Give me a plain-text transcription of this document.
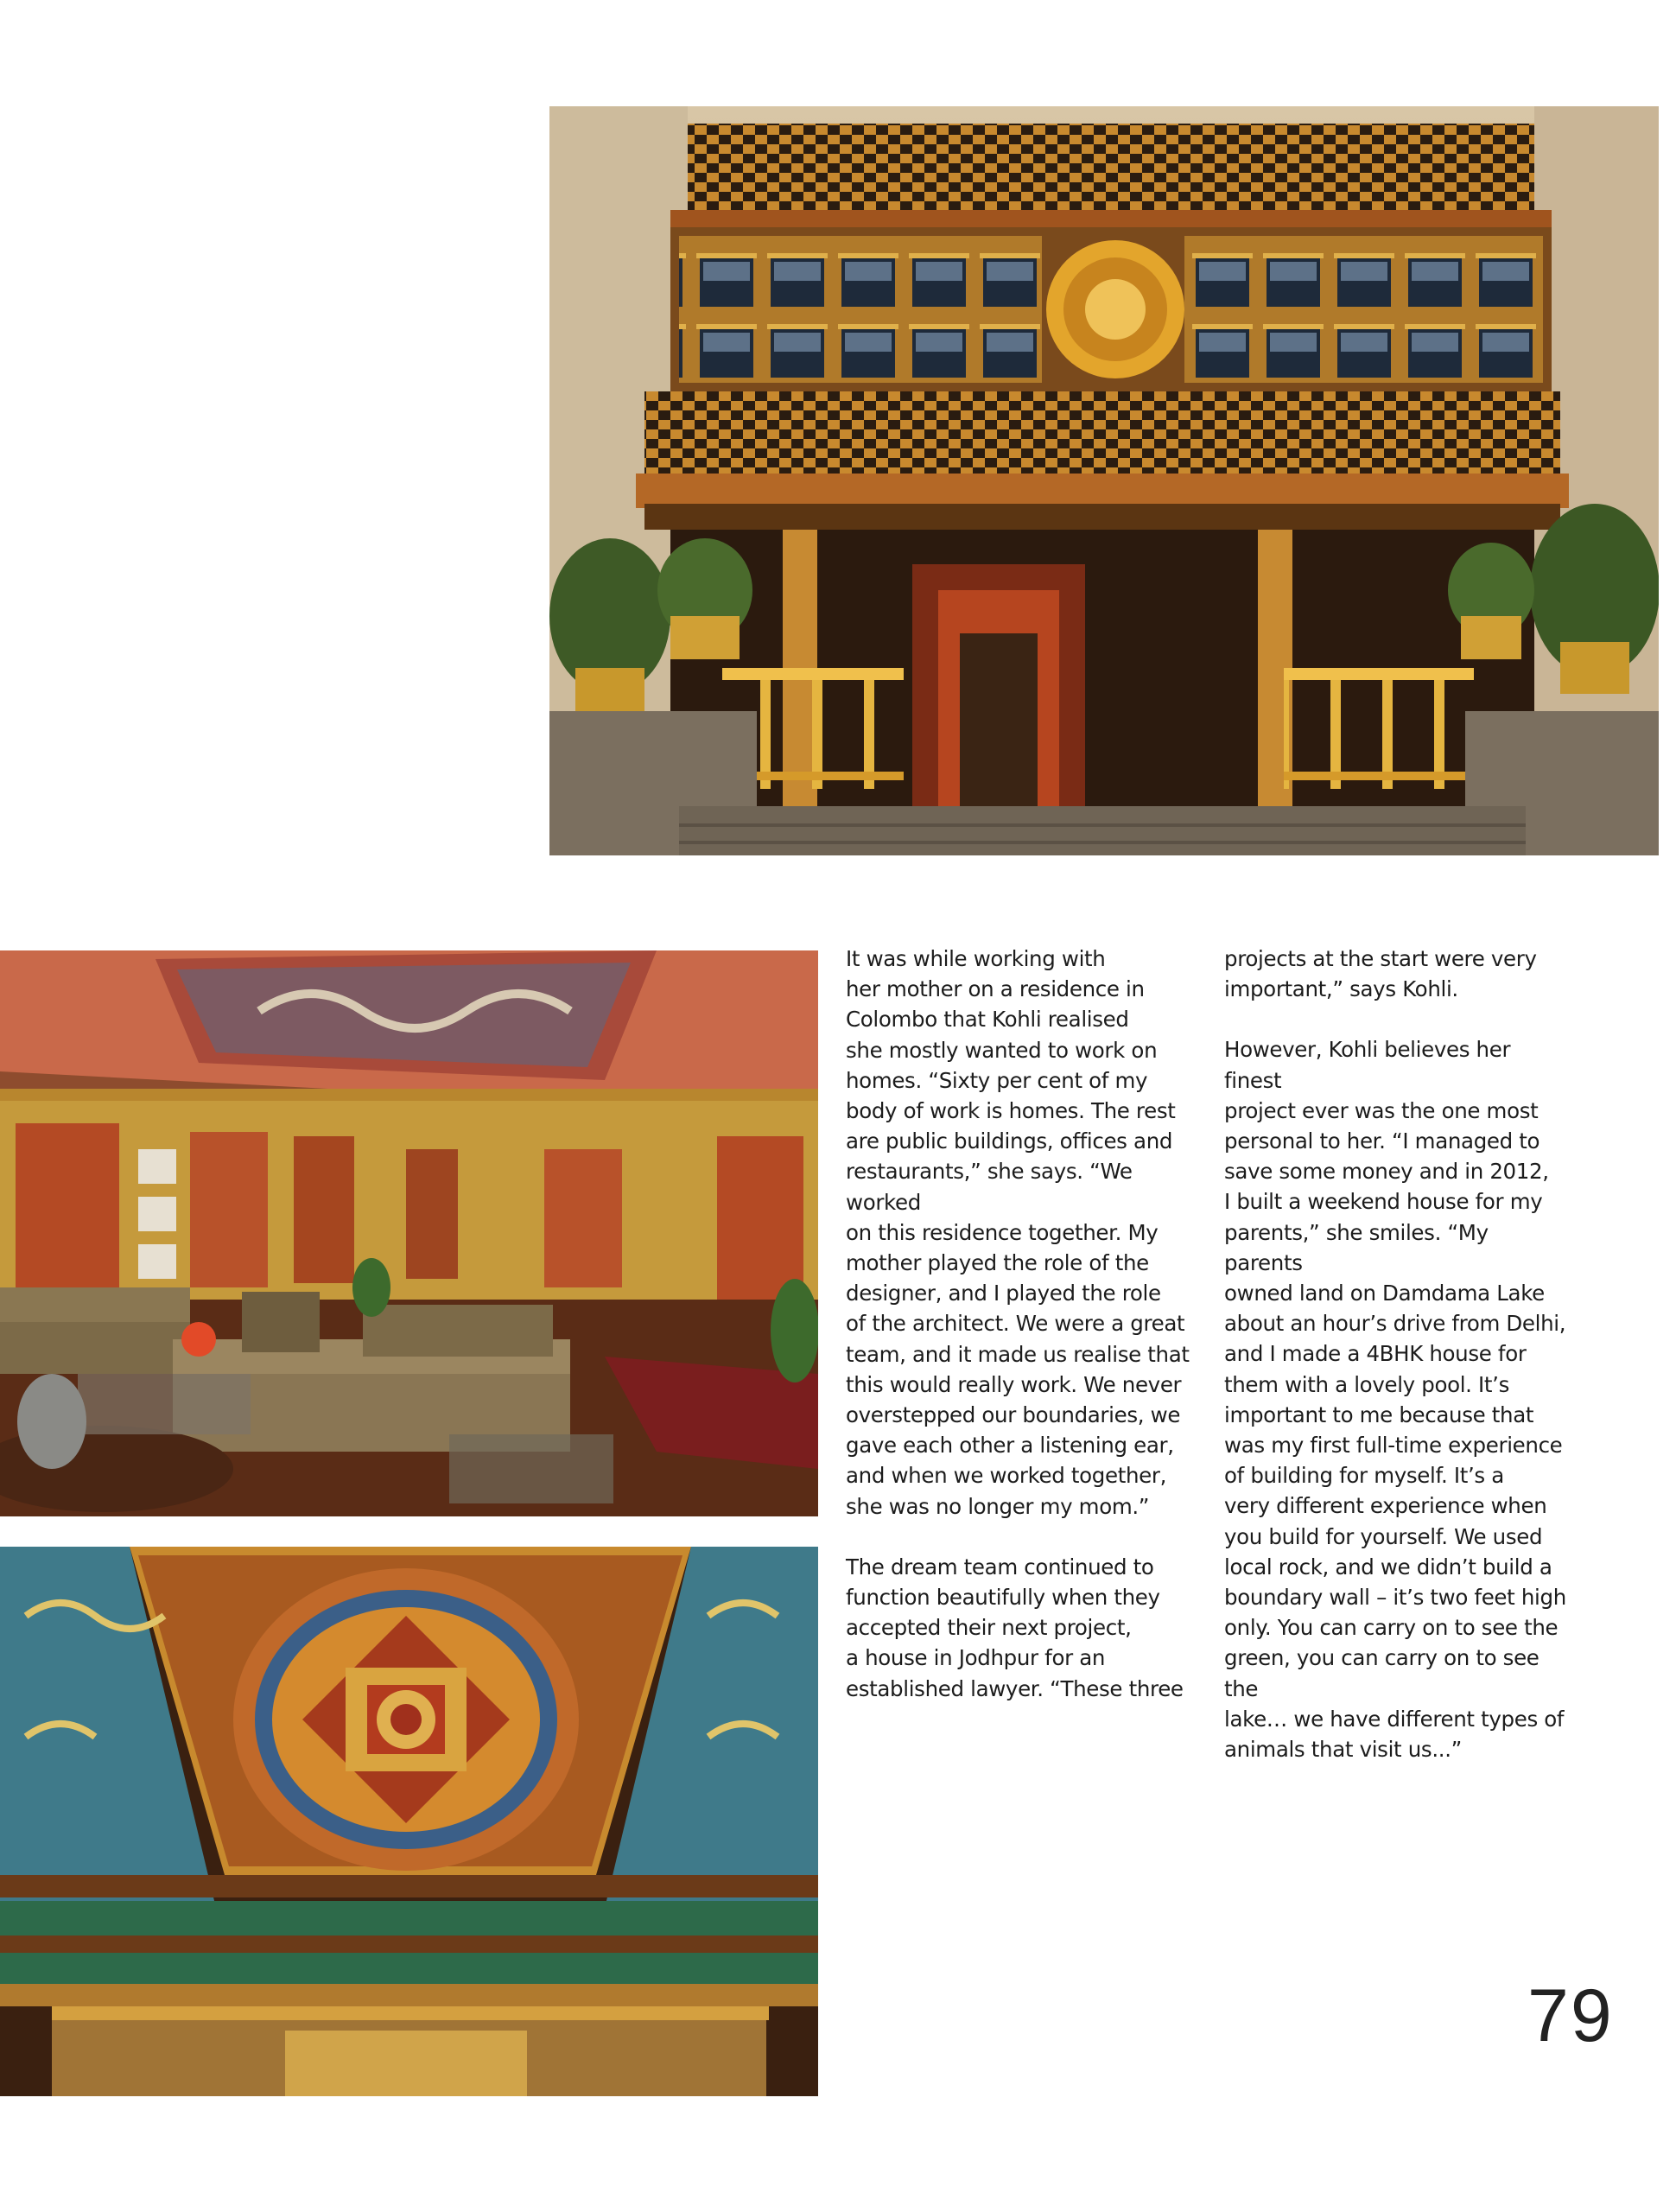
It was while working with
her mother on a residence in
Colombo that Kohli realised
she mostly wanted to work on
homes. “Sixty per cent of my
body of work is homes. The rest
are public buildings, offices and
restaurants,” she says. “We worked
on this residence together. My
mother played the role of the
designer, and I played the role
of the architect. We were a great
team, and it made us realise that
this would really work. We never
overstepped our boundaries, we
gave each other a listening ear,
and when we worked together,
she was no longer my mom.”

The dream team continued to
function beautifully when they
accepted their next project,
a house in Jodhpur for an
established lawyer. “These three

projects at the start were very
important,” says Kohli.

However, Kohli believes her finest
project ever was the one most
personal to her. “I managed to
save some money and in 2012,
I built a weekend house for my
parents,” she smiles. “My parents
owned land on Damdama Lake
about an hour’s drive from Delhi,
and I made a 4BHK house for
them with a lovely pool. It’s
important to me because that
was my first full-time experience
of building for myself. It’s a
very different experience when
you build for yourself. We used
local rock, and we didn’t build a
boundary wall – it’s two feet high
only. You can carry on to see the
green, you can carry on to see the
lake… we have different types of
animals that visit us...”

79
